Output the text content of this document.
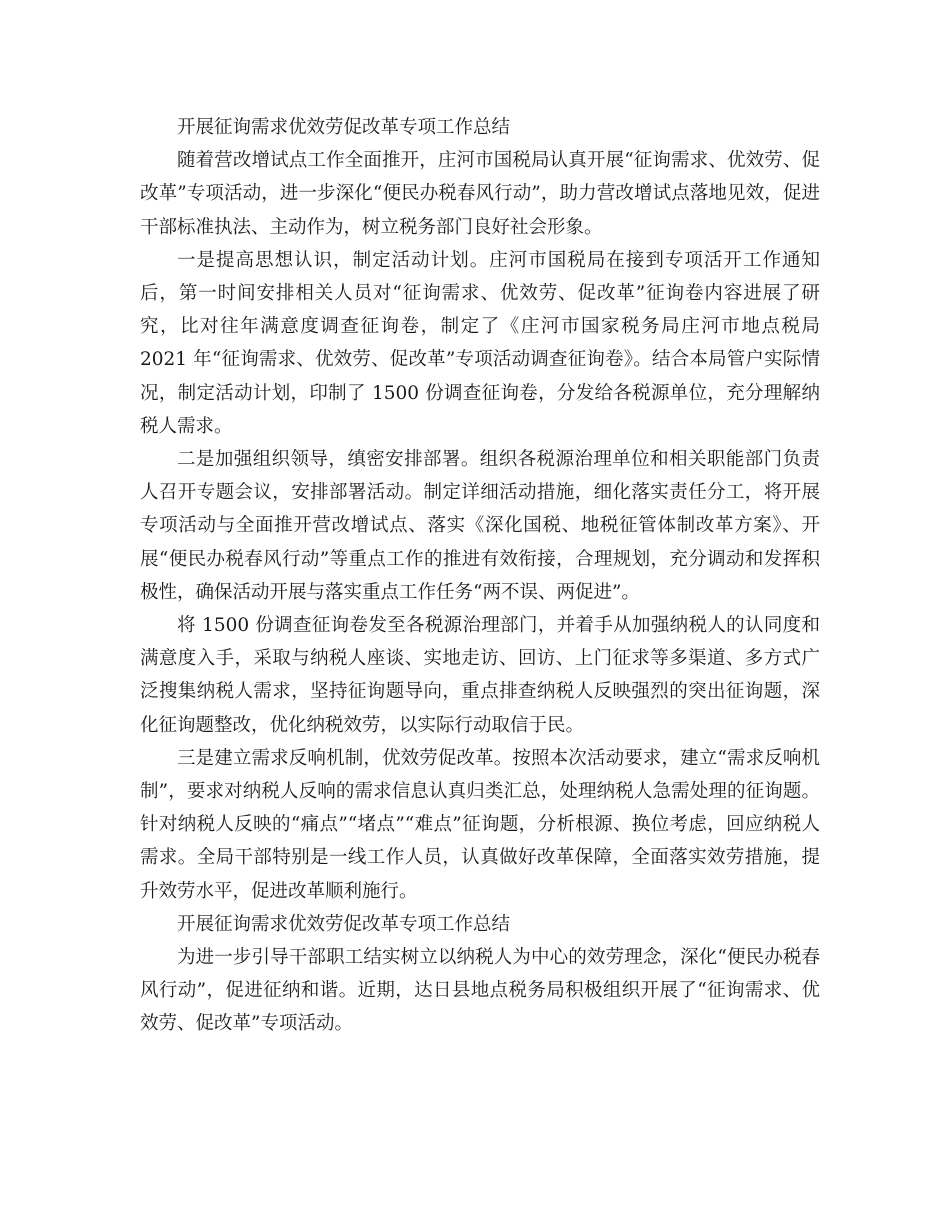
开展征询需求优效劳促改革专项工作总结

随着营改增试点工作全面推开，庄河市国税局认真开展“征询需求、优效劳、促改革”专项活动，进一步深化“便民办税春风行动”，助力营改增试点落地见效，促进干部标准执法、主动作为，树立税务部门良好社会形象。

一是提高思想认识，制定活动计划。庄河市国税局在接到专项活开工作通知后，第一时间安排相关人员对“征询需求、优效劳、促改革”征询卷内容进展了研究，比对往年满意度调查征询卷，制定了《庄河市国家税务局庄河市地点税局 2021 年“征询需求、优效劳、促改革”专项活动调查征询卷》。结合本局管户实际情况，制定活动计划，印制了 1500 份调查征询卷，分发给各税源单位，充分理解纳税人需求。

二是加强组织领导，缜密安排部署。组织各税源治理单位和相关职能部门负责人召开专题会议，安排部署活动。制定详细活动措施，细化落实责任分工，将开展专项活动与全面推开营改增试点、落实《深化国税、地税征管体制改革方案》、开展“便民办税春风行动”等重点工作的推进有效衔接，合理规划，充分调动和发挥积极性，确保活动开展与落实重点工作任务“两不误、两促进”。

将 1500 份调查征询卷发至各税源治理部门，并着手从加强纳税人的认同度和满意度入手，采取与纳税人座谈、实地走访、回访、上门征求等多渠道、多方式广泛搜集纳税人需求，坚持征询题导向，重点排查纳税人反映强烈的突出征询题，深化征询题整改，优化纳税效劳，以实际行动取信于民。

三是建立需求反响机制，优效劳促改革。按照本次活动要求，建立“需求反响机制”，要求对纳税人反响的需求信息认真归类汇总，处理纳税人急需处理的征询题。针对纳税人反映的“痛点”“堵点”“难点”征询题，分析根源、换位考虑，回应纳税人需求。全局干部特别是一线工作人员，认真做好改革保障，全面落实效劳措施，提升效劳水平，促进改革顺利施行。

开展征询需求优效劳促改革专项工作总结

为进一步引导干部职工结实树立以纳税人为中心的效劳理念，深化“便民办税春风行动”，促进征纳和谐。近期，达日县地点税务局积极组织开展了“征询需求、优效劳、促改革”专项活动。
